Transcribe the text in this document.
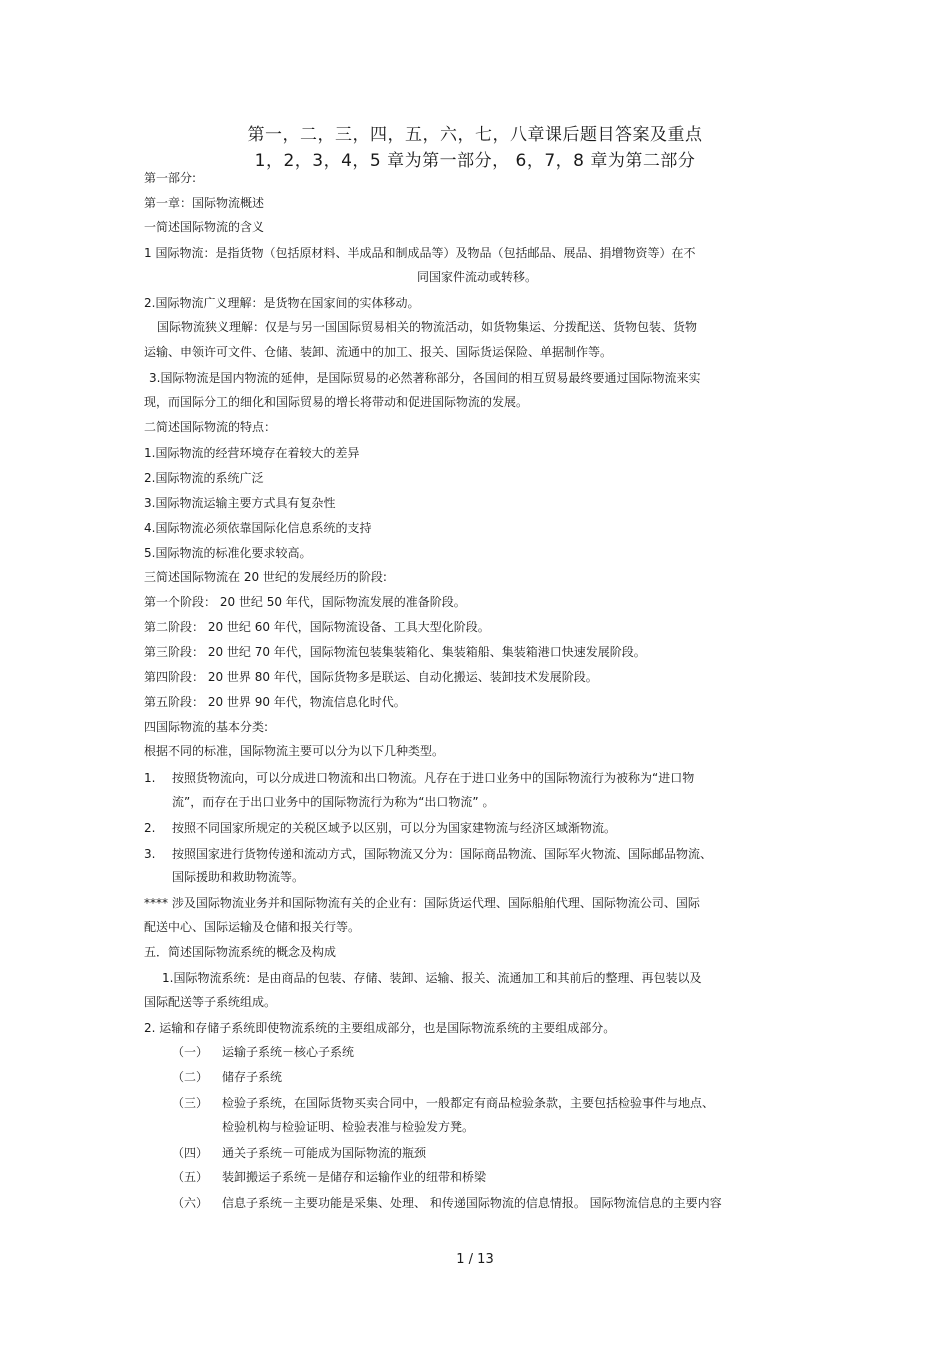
第一，二，三，四，五，六，七，八章课后题目答案及重点
1，2，3，4，5 章为第一部分， 6，7，8 章为第二部分
第一部分:
第一章：国际物流概述
一简述国际物流的含义
1 国际物流：是指货物（包括原材料、半成品和制成品等）及物品（包括邮品、展品、捐增物资等）在不
同国家件流动或转移。
2.国际物流广义理解：是货物在国家间的实体移动。
国际物流狭义理解：仅是与另一国国际贸易相关的物流活动，如货物集运、分拨配送、货物包装、货物
运输、申领许可文件、仓储、装卸、流通中的加工、报关、国际货运保险、单据制作等。
3.国际物流是国内物流的延伸，是国际贸易的必然著称部分，各国间的相互贸易最终要通过国际物流来实
现，而国际分工的细化和国际贸易的增长将带动和促进国际物流的发展。
二简述国际物流的特点：
1.国际物流的经营环境存在着较大的差异
2.国际物流的系统广泛
3.国际物流运输主要方式具有复杂性
4.国际物流必须依靠国际化信息系统的支持
5.国际物流的标准化要求较高。
三简述国际物流在 20 世纪的发展经历的阶段:
第一个阶段： 20 世纪 50 年代，国际物流发展的准备阶段。
第二阶段： 20 世纪 60 年代，国际物流设备、工具大型化阶段。
第三阶段： 20 世纪 70 年代，国际物流包装集装箱化、集装箱船、集装箱港口快速发展阶段。
第四阶段： 20 世界 80 年代，国际货物多是联运、自动化搬运、装卸技术发展阶段。
第五阶段： 20 世界 90 年代，物流信息化时代。
四国际物流的基本分类:
根据不同的标准，国际物流主要可以分为以下几种类型。
1. 按照货物流向，可以分成进口物流和出口物流。凡存在于进口业务中的国际物流行为被称为“进口物
流”，而存在于出口业务中的国际物流行为称为“出口物流” 。
2. 按照不同国家所规定的关税区域予以区别，可以分为国家建物流与经济区域渐物流。
3. 按照国家进行货物传递和流动方式，国际物流又分为：国际商品物流、国际军火物流、国际邮品物流、
国际援助和救助物流等。
**** 涉及国际物流业务并和国际物流有关的企业有：国际货运代理、国际船舶代理、国际物流公司、国际
配送中心、国际运输及仓储和报关行等。
五．简述国际物流系统的概念及构成
1.国际物流系统：是由商品的包装、存储、装卸、运输、报关、流通加工和其前后的整理、再包装以及
国际配送等子系统组成。
2. 运输和存储子系统即使物流系统的主要组成部分，也是国际物流系统的主要组成部分。
（一） 运输子系统－核心子系统
（二） 储存子系统
（三） 检验子系统，在国际货物买卖合同中，一般都定有商品检验条款，主要包括检验事件与地点、
检验机构与检验证明、检验表准与检验发方凳。
（四） 通关子系统－可能成为国际物流的瓶颈
（五） 装卸搬运子系统－是储存和运输作业的纽带和桥梁
（六） 信息子系统－主要功能是采集、处理、 和传递国际物流的信息情报。 国际物流信息的主要内容
1 / 13
